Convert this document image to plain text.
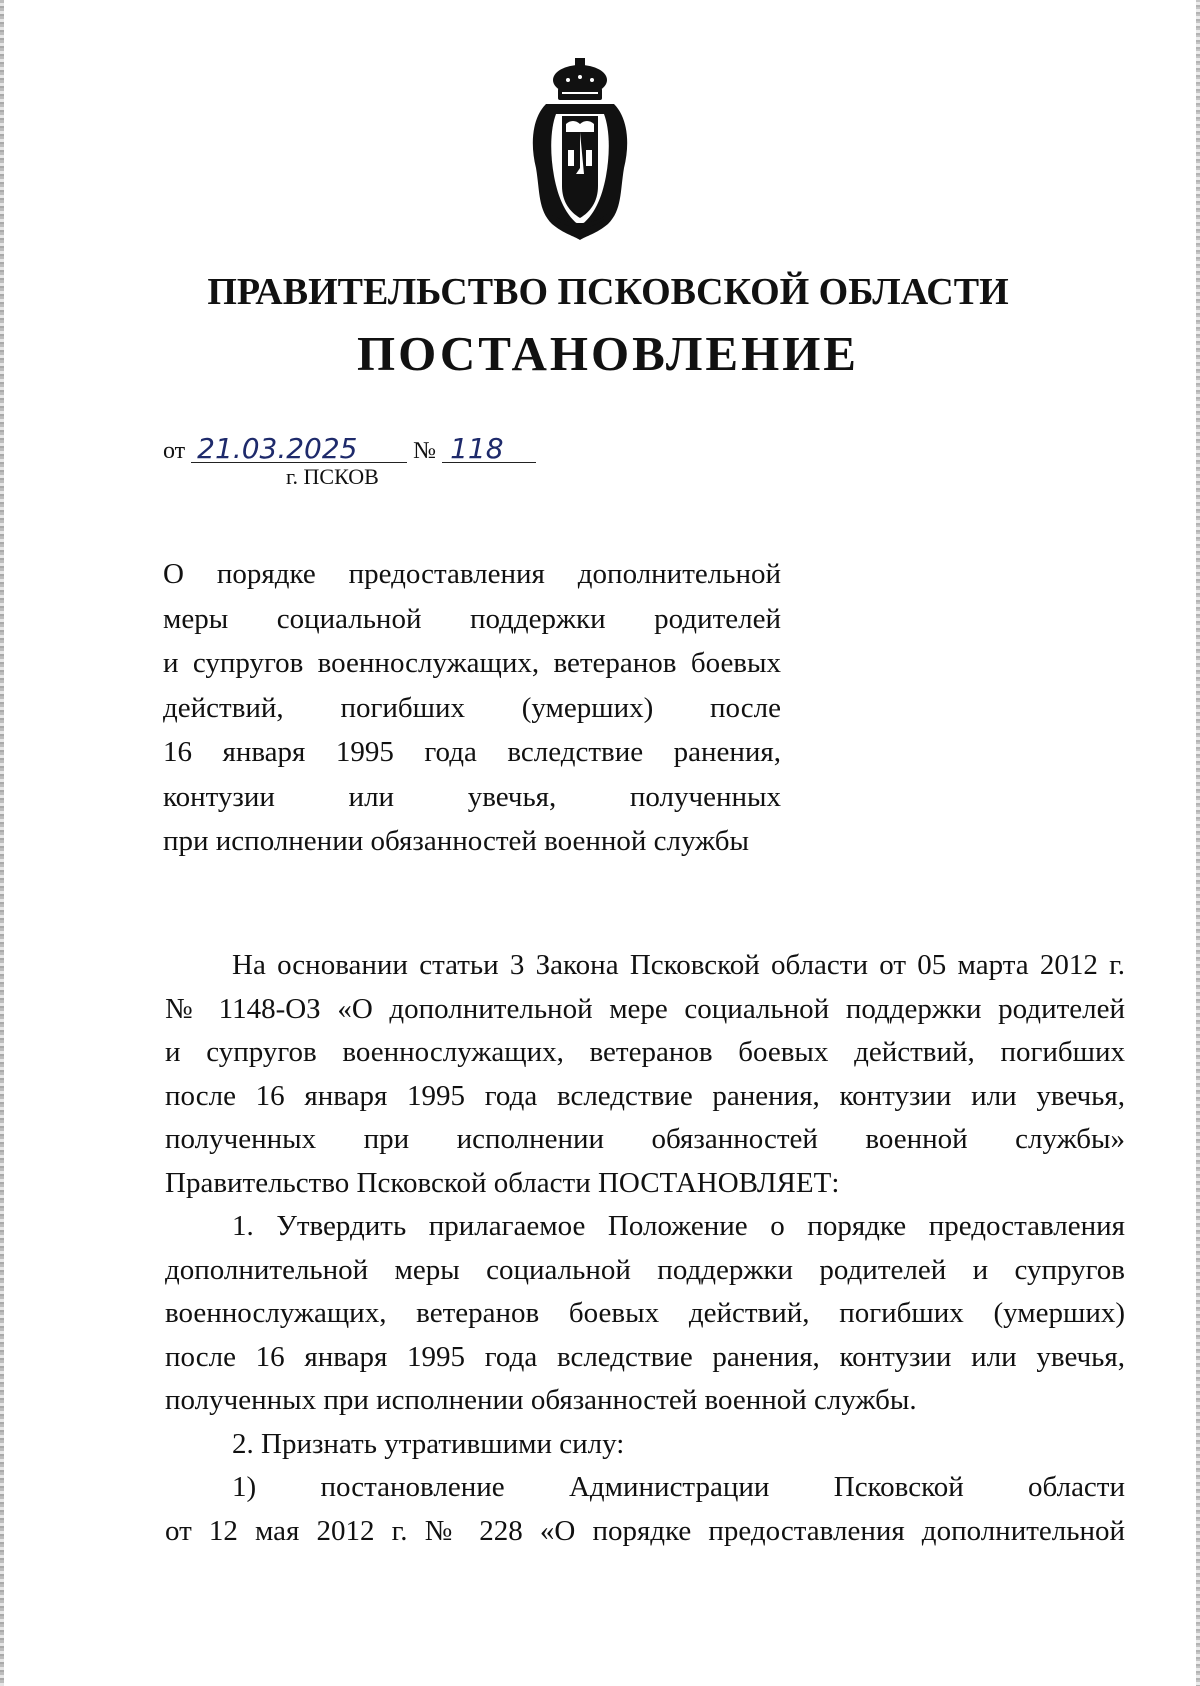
ПРАВИТЕЛЬСТВО ПСКОВСКОЙ ОБЛАСТИ
ПОСТАНОВЛЕНИЕ
от 21.03.2025 № 118
г. ПСКОВ
О порядке предоставления дополнительной
меры социальной поддержки родителей
и супругов военнослужащих, ветеранов боевых
действий, погибших (умерших) после
16 января 1995 года вследствие ранения,
контузии или увечья, полученных
при исполнении обязанностей военной службы
На основании статьи 3 Закона Псковской области от 05 марта 2012 г.
№ 1148-ОЗ «О дополнительной мере социальной поддержки родителей
и супругов военнослужащих, ветеранов боевых действий, погибших
после 16 января 1995 года вследствие ранения, контузии или увечья,
полученных при исполнении обязанностей военной службы»
Правительство Псковской области ПОСТАНОВЛЯЕТ:
1. Утвердить прилагаемое Положение о порядке предоставления
дополнительной меры социальной поддержки родителей и супругов
военнослужащих, ветеранов боевых действий, погибших (умерших)
после 16 января 1995 года вследствие ранения, контузии или увечья,
полученных при исполнении обязанностей военной службы.
2. Признать утратившими силу:
1) постановление Администрации Псковской области
от 12 мая 2012 г. № 228 «О порядке предоставления дополнительной
